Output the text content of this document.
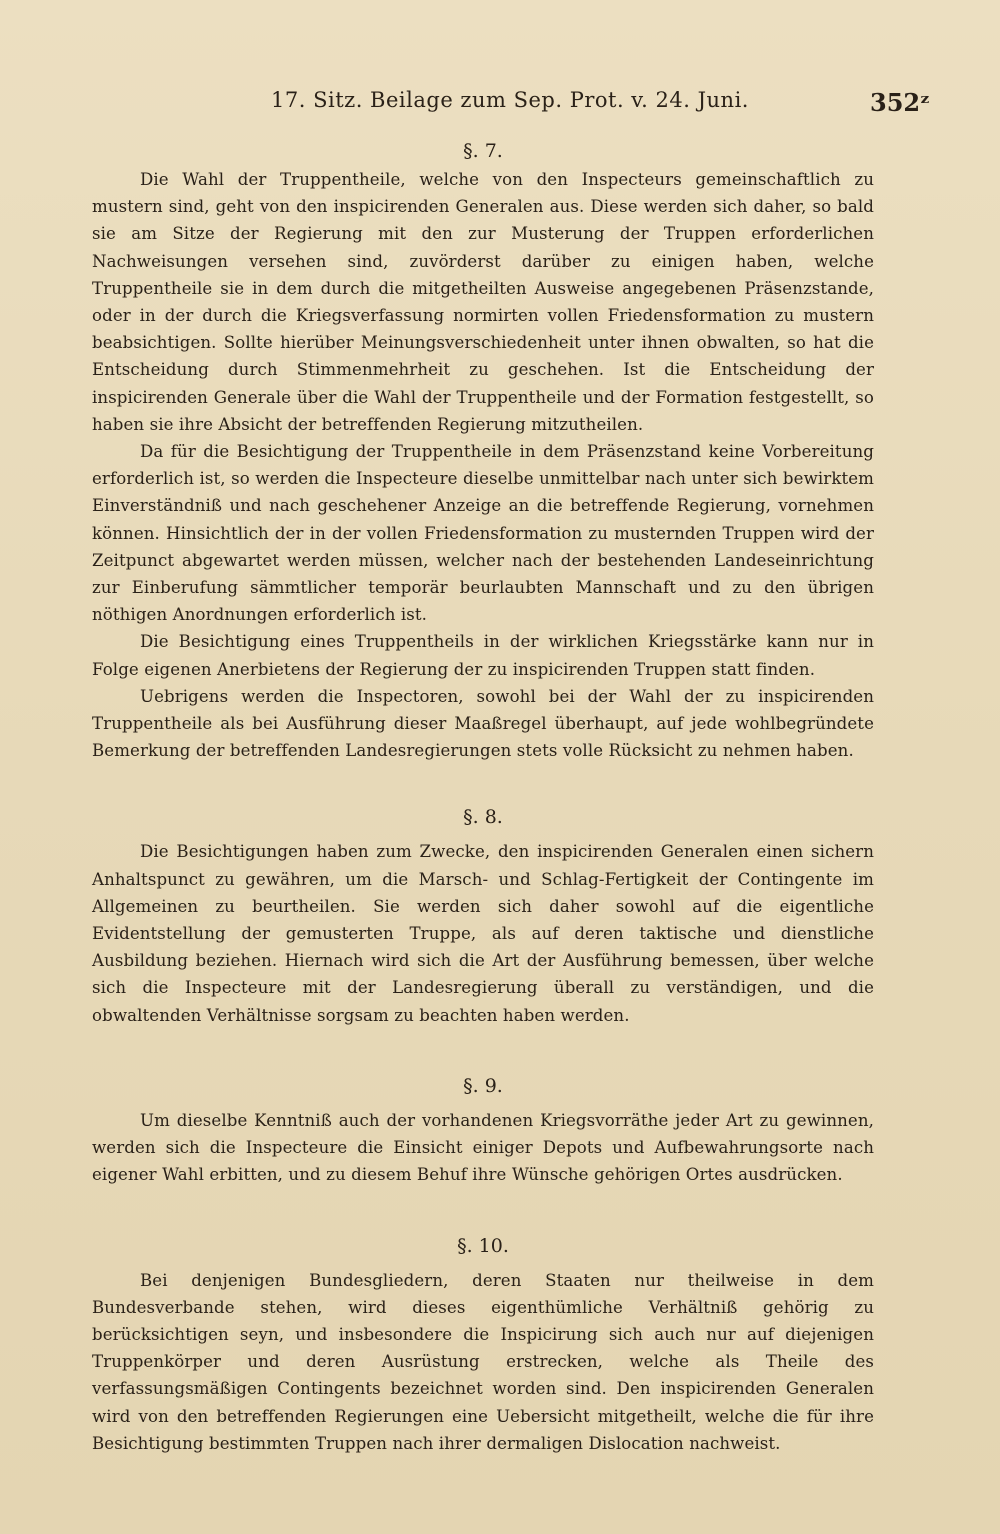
17. Sitz. Beilage zum Sep. Prot. v. 24. Juni.	352ᶻ
§. 7.

Die Wahl der Truppentheile, welche von den Inspecteurs gemeinschaftlich zu mustern sind, geht von den inspicirenden Generalen aus. Diese werden sich daher, so bald sie am Sitze der Regierung mit den zur Musterung der Truppen erforderlichen Nachweisungen versehen sind, zuvörderst darüber zu einigen haben, welche Truppentheile sie in dem durch die mitgetheilten Ausweise angegebenen Präsenzstande, oder in der durch die Kriegsverfassung normirten vollen Friedensformation zu mustern beabsichtigen. Sollte hierüber Meinungsverschiedenheit unter ihnen obwalten, so hat die Entscheidung durch Stimmenmehrheit zu geschehen. Ist die Entscheidung der inspicirenden Generale über die Wahl der Truppentheile und der Formation festgestellt, so haben sie ihre Absicht der betreffenden Regierung mitzutheilen.

Da für die Besichtigung der Truppentheile in dem Präsenzstand keine Vorbereitung erforderlich ist, so werden die Inspecteure dieselbe unmittelbar nach unter sich bewirktem Einverständniß und nach geschehener Anzeige an die betreffende Regierung, vornehmen können. Hinsichtlich der in der vollen Friedensformation zu musternden Truppen wird der Zeitpunct abgewartet werden müssen, welcher nach der bestehenden Landeseinrichtung zur Einberufung sämmtlicher temporär beurlaubten Mannschaft und zu den übrigen nöthigen Anordnungen erforderlich ist.

Die Besichtigung eines Truppentheils in der wirklichen Kriegsstärke kann nur in Folge eigenen Anerbietens der Regierung der zu inspicirenden Truppen statt finden.

Uebrigens werden die Inspectoren, sowohl bei der Wahl der zu inspicirenden Truppentheile als bei Ausführung dieser Maaßregel überhaupt, auf jede wohlbegründete Bemerkung der betreffenden Landesregierungen stets volle Rücksicht zu nehmen haben.

§. 8.

Die Besichtigungen haben zum Zwecke, den inspicirenden Generalen einen sichern Anhaltspunct zu gewähren, um die Marsch- und Schlag-Fertigkeit der Contingente im Allgemeinen zu beurtheilen. Sie werden sich daher sowohl auf die eigentliche Evidentstellung der gemusterten Truppe, als auf deren taktische und dienstliche Ausbildung beziehen. Hiernach wird sich die Art der Ausführung bemessen, über welche sich die Inspecteure mit der Landesregierung überall zu verständigen, und die obwaltenden Verhältnisse sorgsam zu beachten haben werden.

§. 9.

Um dieselbe Kenntniß auch der vorhandenen Kriegsvorräthe jeder Art zu gewinnen, werden sich die Inspecteure die Einsicht einiger Depots und Aufbewahrungsorte nach eigener Wahl erbitten, und zu diesem Behuf ihre Wünsche gehörigen Ortes ausdrücken.

§. 10.

Bei denjenigen Bundesgliedern, deren Staaten nur theilweise in dem Bundesverbande stehen, wird dieses eigenthümliche Verhältniß gehörig zu berücksichtigen seyn, und insbesondere die Inspicirung sich auch nur auf diejenigen Truppenkörper und deren Ausrüstung erstrecken, welche als Theile des verfassungsmäßigen Contingents bezeichnet worden sind. Den inspicirenden Generalen wird von den betreffenden Regierungen eine Uebersicht mitgetheilt, welche die für ihre Besichtigung bestimmten Truppen nach ihrer dermaligen Dislocation nachweist.
